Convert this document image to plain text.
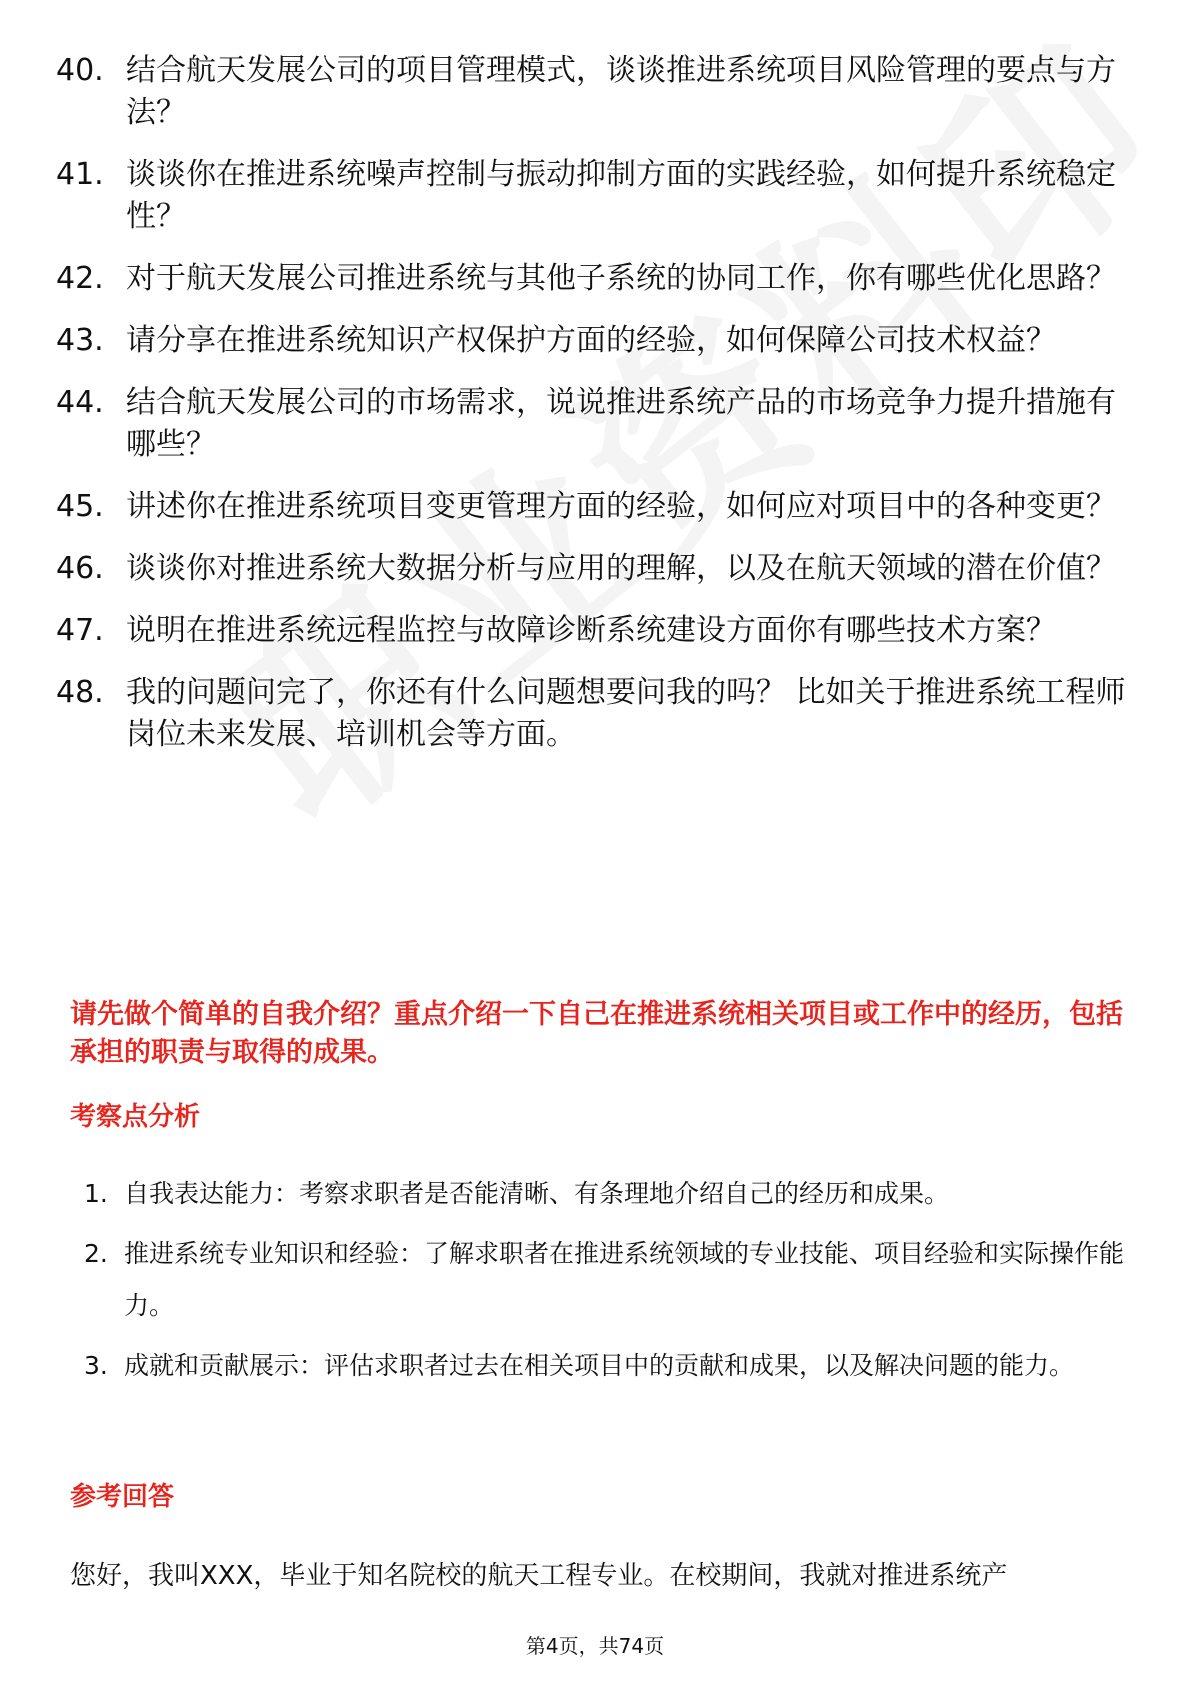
40. 结合航天发展公司的项目管理模式，谈谈推进系统项目风险管理的要点与方法？
41. 谈谈你在推进系统噪声控制与振动抑制方面的实践经验，如何提升系统稳定性？
42. 对于航天发展公司推进系统与其他子系统的协同工作，你有哪些优化思路？
43. 请分享在推进系统知识产权保护方面的经验，如何保障公司技术权益？
44. 结合航天发展公司的市场需求，说说推进系统产品的市场竞争力提升措施有哪些？
45. 讲述你在推进系统项目变更管理方面的经验，如何应对项目中的各种变更？
46. 谈谈你对推进系统大数据分析与应用的理解，以及在航天领域的潜在价值？
47. 说明在推进系统远程监控与故障诊断系统建设方面你有哪些技术方案？
48. 我的问题问完了，你还有什么问题想要问我的吗？ 比如关于推进系统工程师岗位未来发展、培训机会等方面。

请先做个简单的自我介绍？重点介绍一下自己在推进系统相关项目或工作中的经历，包括承担的职责与取得的成果。

考察点分析
1. 自我表达能力：考察求职者是否能清晰、有条理地介绍自己的经历和成果。
2. 推进系统专业知识和经验：了解求职者在推进系统领域的专业技能、项目经验和实际操作能力。
3. 成就和贡献展示：评估求职者过去在相关项目中的贡献和成果，以及解决问题的能力。
参考回答

您好，我叫XXX，毕业于知名院校的航天工程专业。在校期间，我就对推进系统产

第4页，共74页
